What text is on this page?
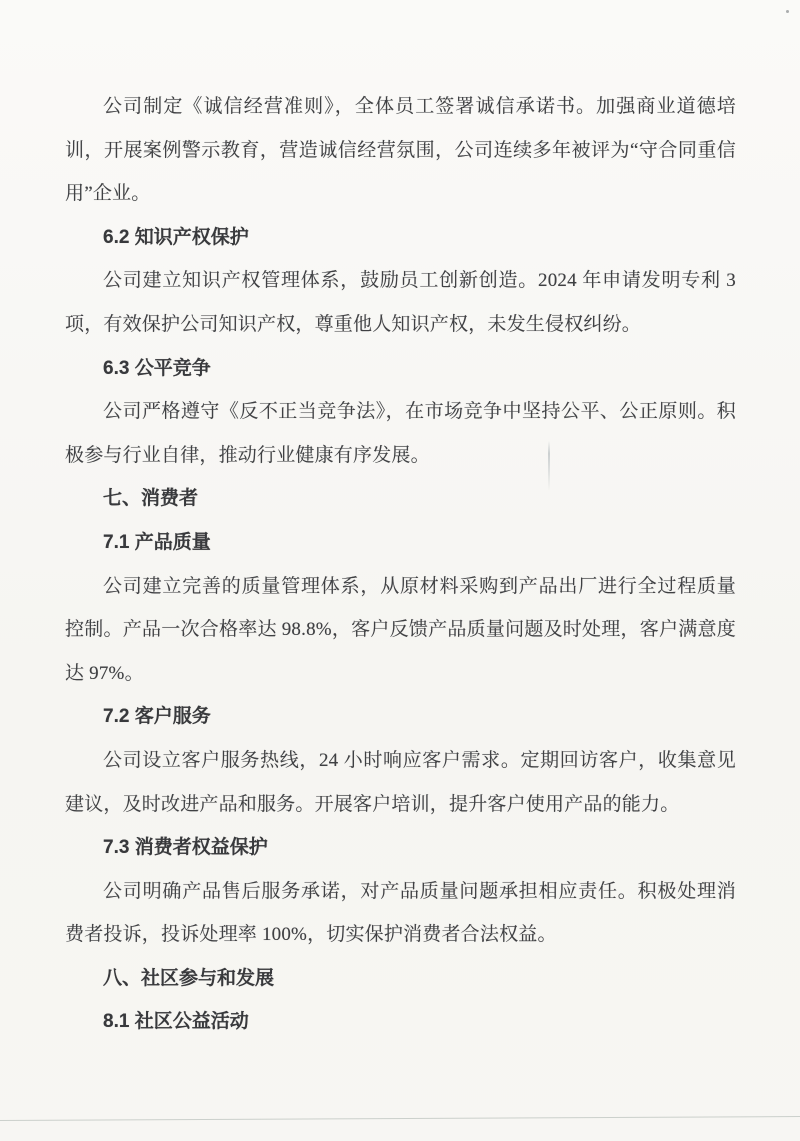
公司制定《诚信经营准则》，全体员工签署诚信承诺书。加强商业道德培训，开展案例警示教育，营造诚信经营氛围，公司连续多年被评为“守合同重信用”企业。

6.2 知识产权保护

公司建立知识产权管理体系，鼓励员工创新创造。2024 年申请发明专利 3 项，有效保护公司知识产权，尊重他人知识产权，未发生侵权纠纷。

6.3 公平竞争

公司严格遵守《反不正当竞争法》，在市场竞争中坚持公平、公正原则。积极参与行业自律，推动行业健康有序发展。

七、消费者

7.1 产品质量

公司建立完善的质量管理体系，从原材料采购到产品出厂进行全过程质量控制。产品一次合格率达 98.8%，客户反馈产品质量问题及时处理，客户满意度达 97%。

7.2 客户服务

公司设立客户服务热线，24 小时响应客户需求。定期回访客户，收集意见建议，及时改进产品和服务。开展客户培训，提升客户使用产品的能力。

7.3 消费者权益保护

公司明确产品售后服务承诺，对产品质量问题承担相应责任。积极处理消费者投诉，投诉处理率 100%，切实保护消费者合法权益。

八、社区参与和发展

8.1 社区公益活动
